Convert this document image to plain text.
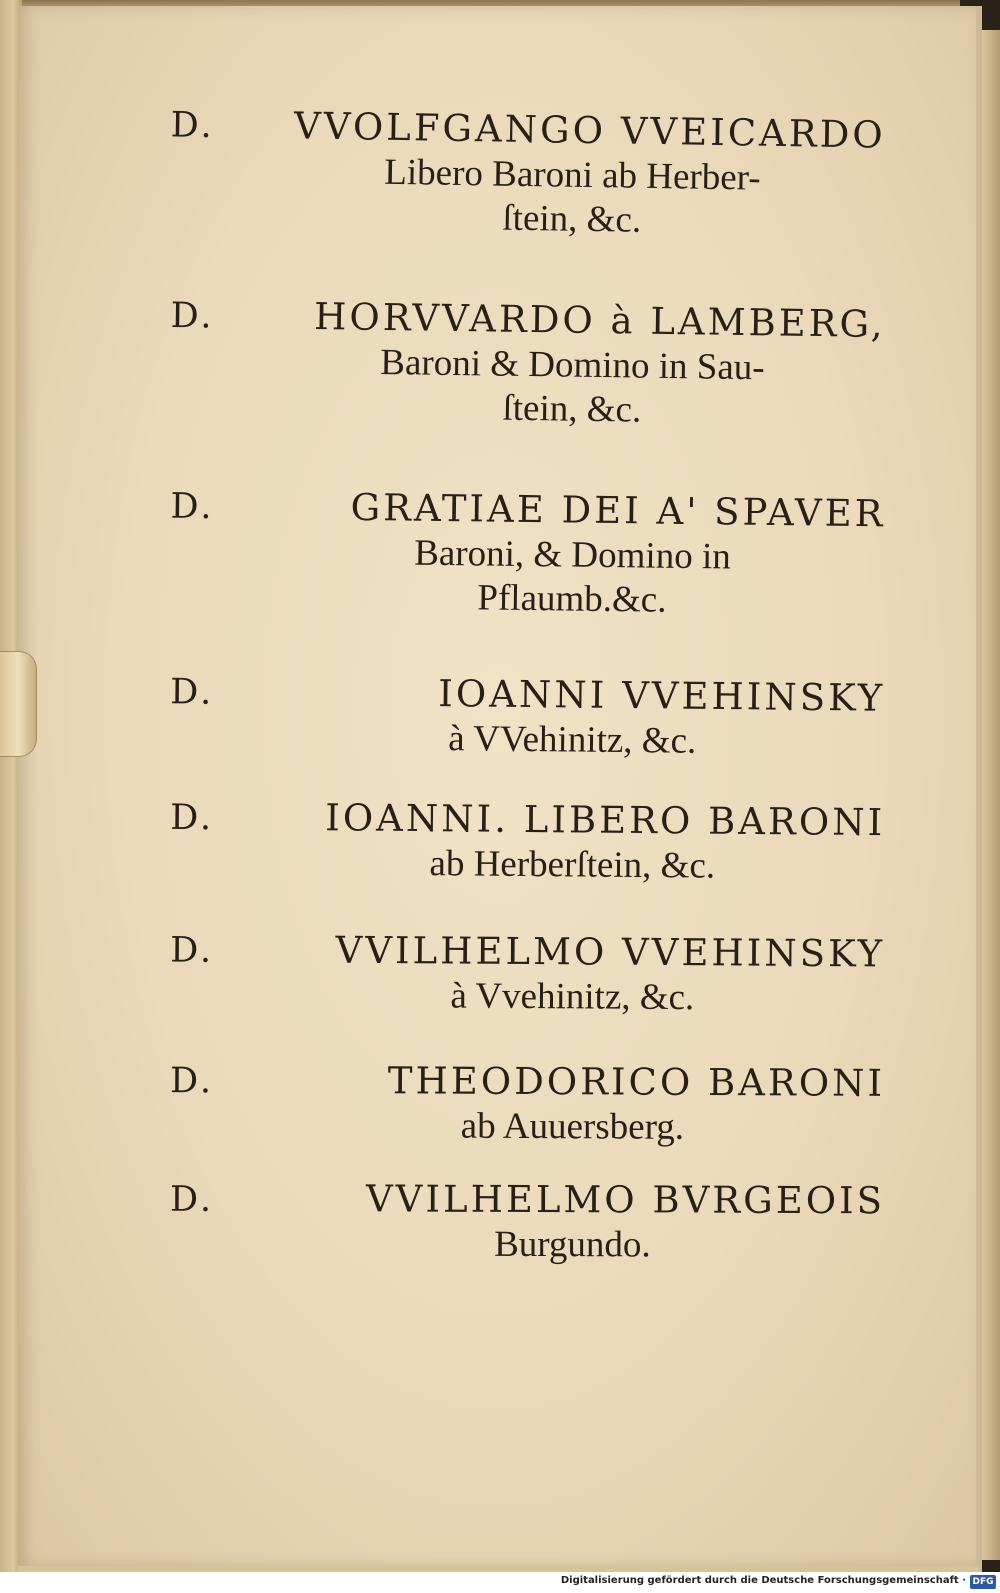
D. VVOLFGANGO VVEICARDO
Libero Baroni ab Herber-
ſtein, &c.
D.	HORVVARDO à LAMBERG,
Baroni & Domino in Sau-
ſtein, &c.
D.	GRATIAE DEI A' SPAVER
Baroni, & Domino in
Pflaumb.&c.
D.	IOANNI VVEHINSKY
à VVehinitz, &c.
D.	IOANNI. LIBERO BARONI
ab Herberſtein, &c.
D.	VVILHELMO VVEHINSKY
à Vvehinitz, &c.
D.	THEODORICO BARONI
ab Auuersberg.
D.	VVILHELMO BVRGEOIS
Burgundo.
Digitalisierung gefördert durch die Deutsche Forschungsgemeinschaft · DFG
